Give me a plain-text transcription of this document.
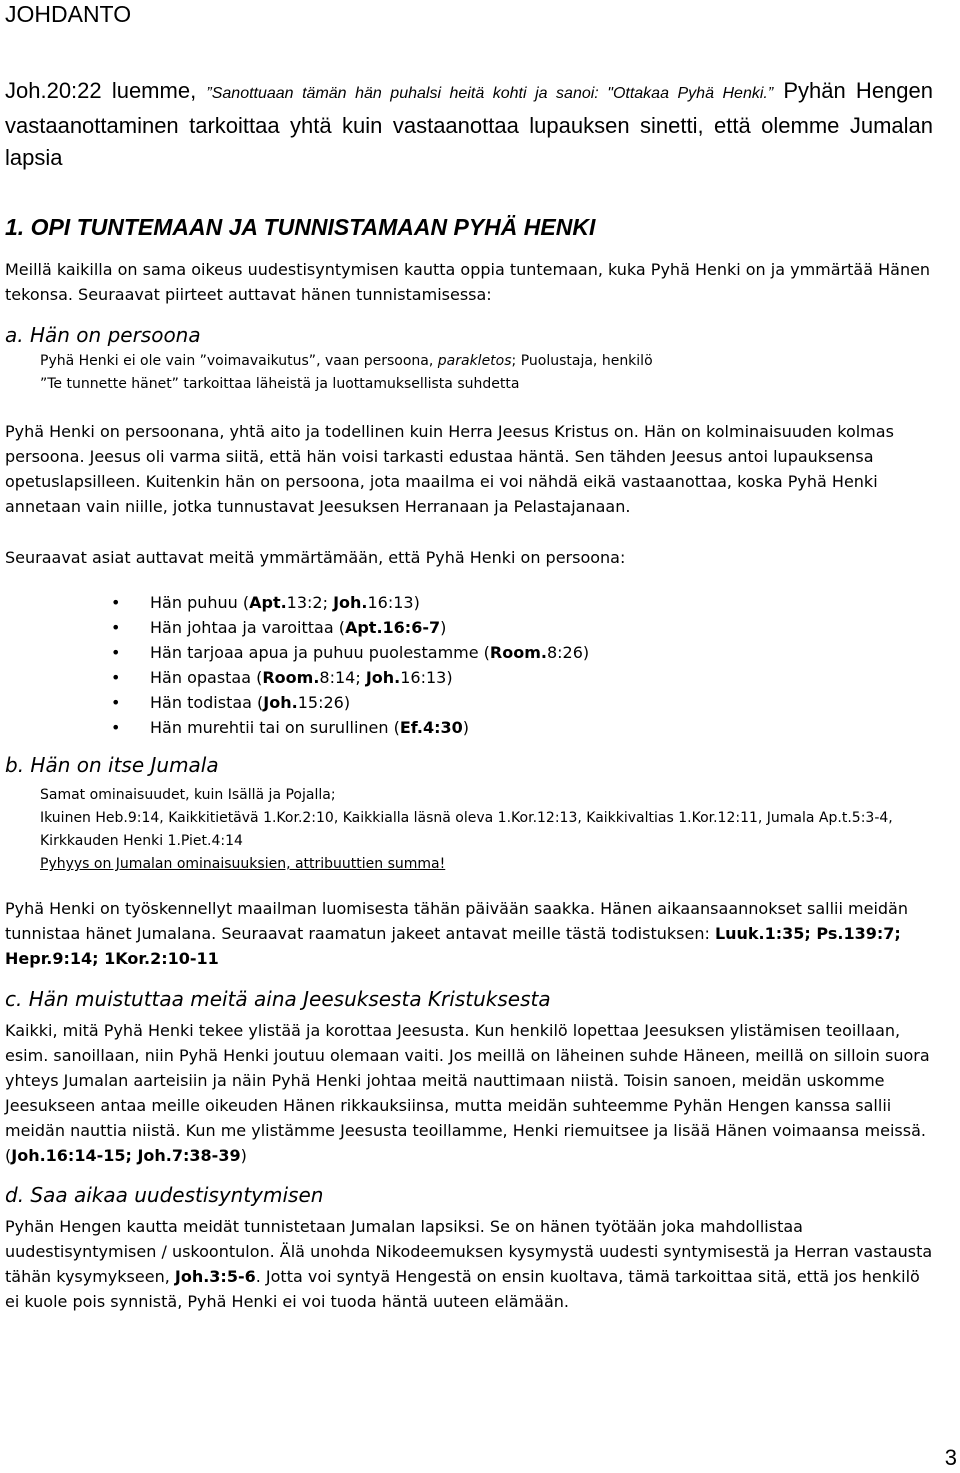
JOHDANTO
Joh.20:22 luemme, ”Sanottuaan tämän hän puhalsi heitä kohti ja sanoi: "Ottakaa Pyhä Henki.” Pyhän Hengen vastaanottaminen tarkoittaa yhtä kuin vastaanottaa lupauksen sinetti, että olemme Jumalan lapsia
1. OPI TUNTEMAAN JA TUNNISTAMAAN PYHÄ HENKI
Meillä kaikilla on sama oikeus uudestisyntymisen kautta oppia tuntemaan, kuka Pyhä Henki on ja ymmärtää Hänen tekonsa. Seuraavat piirteet auttavat hänen tunnistamisessa:
a. Hän on persoona
Pyhä Henki ei ole vain ”voimavaikutus”, vaan persoona, parakletos; Puolustaja, henkilö
”Te tunnette hänet” tarkoittaa läheistä ja luottamuksellista suhdetta
Pyhä Henki on persoonana, yhtä aito ja todellinen kuin Herra Jeesus Kristus on. Hän on kolminaisuuden kolmas persoona. Jeesus oli varma siitä, että hän voisi tarkasti edustaa häntä. Sen tähden Jeesus antoi lupauksensa opetuslapsilleen. Kuitenkin hän on persoona, jota maailma ei voi nähdä eikä vastaanottaa, koska Pyhä Henki annetaan vain niille, jotka tunnustavat Jeesuksen Herranaan ja Pelastajanaan.
Seuraavat asiat auttavat meitä ymmärtämään, että Pyhä Henki on persoona:
• Hän puhuu (Apt.13:2; Joh.16:13)
• Hän johtaa ja varoittaa (Apt.16:6-7)
• Hän tarjoaa apua ja puhuu puolestamme (Room.8:26)
• Hän opastaa (Room.8:14; Joh.16:13)
• Hän todistaa (Joh.15:26)
• Hän murehtii tai on surullinen (Ef.4:30)
b. Hän on itse Jumala
Samat ominaisuudet, kuin Isällä ja Pojalla;
Ikuinen Heb.9:14, Kaikkitietävä 1.Kor.2:10, Kaikkialla läsnä oleva 1.Kor.12:13, Kaikkivaltias 1.Kor.12:11, Jumala Ap.t.5:3-4, Kirkkauden Henki 1.Piet.4:14
Pyhyys on Jumalan ominaisuuksien, attribuuttien summa!
Pyhä Henki on työskennellyt maailman luomisesta tähän päivään saakka. Hänen aikaansaannokset sallii meidän tunnistaa hänet Jumalana. Seuraavat raamatun jakeet antavat meille tästä todistuksen: Luuk.1:35; Ps.139:7; Hepr.9:14; 1Kor.2:10-11
c. Hän muistuttaa meitä aina Jeesuksesta Kristuksesta
Kaikki, mitä Pyhä Henki tekee ylistää ja korottaa Jeesusta. Kun henkilö lopettaa Jeesuksen ylistämisen teoillaan, esim. sanoillaan, niin Pyhä Henki joutuu olemaan vaiti. Jos meillä on läheinen suhde Häneen, meillä on silloin suora yhteys Jumalan aarteisiin ja näin Pyhä Henki johtaa meitä nauttimaan niistä. Toisin sanoen, meidän uskomme Jeesukseen antaa meille oikeuden Hänen rikkauksiinsa, mutta meidän suhteemme Pyhän Hengen kanssa sallii meidän nauttia niistä. Kun me ylistämme Jeesusta teoillamme, Henki riemuitsee ja lisää Hänen voimaansa meissä. (Joh.16:14-15; Joh.7:38-39)
d. Saa aikaa uudestisyntymisen
Pyhän Hengen kautta meidät tunnistetaan Jumalan lapsiksi. Se on hänen työtään joka mahdollistaa uudestisyntymisen / uskoontulon. Älä unohda Nikodeemuksen kysymystä uudesti syntymisestä ja Herran vastausta tähän kysymykseen, Joh.3:5-6. Jotta voi syntyä Hengestä on ensin kuoltava, tämä tarkoittaa sitä, että jos henkilö ei kuole pois synnistä, Pyhä Henki ei voi tuoda häntä uuteen elämään.
3
